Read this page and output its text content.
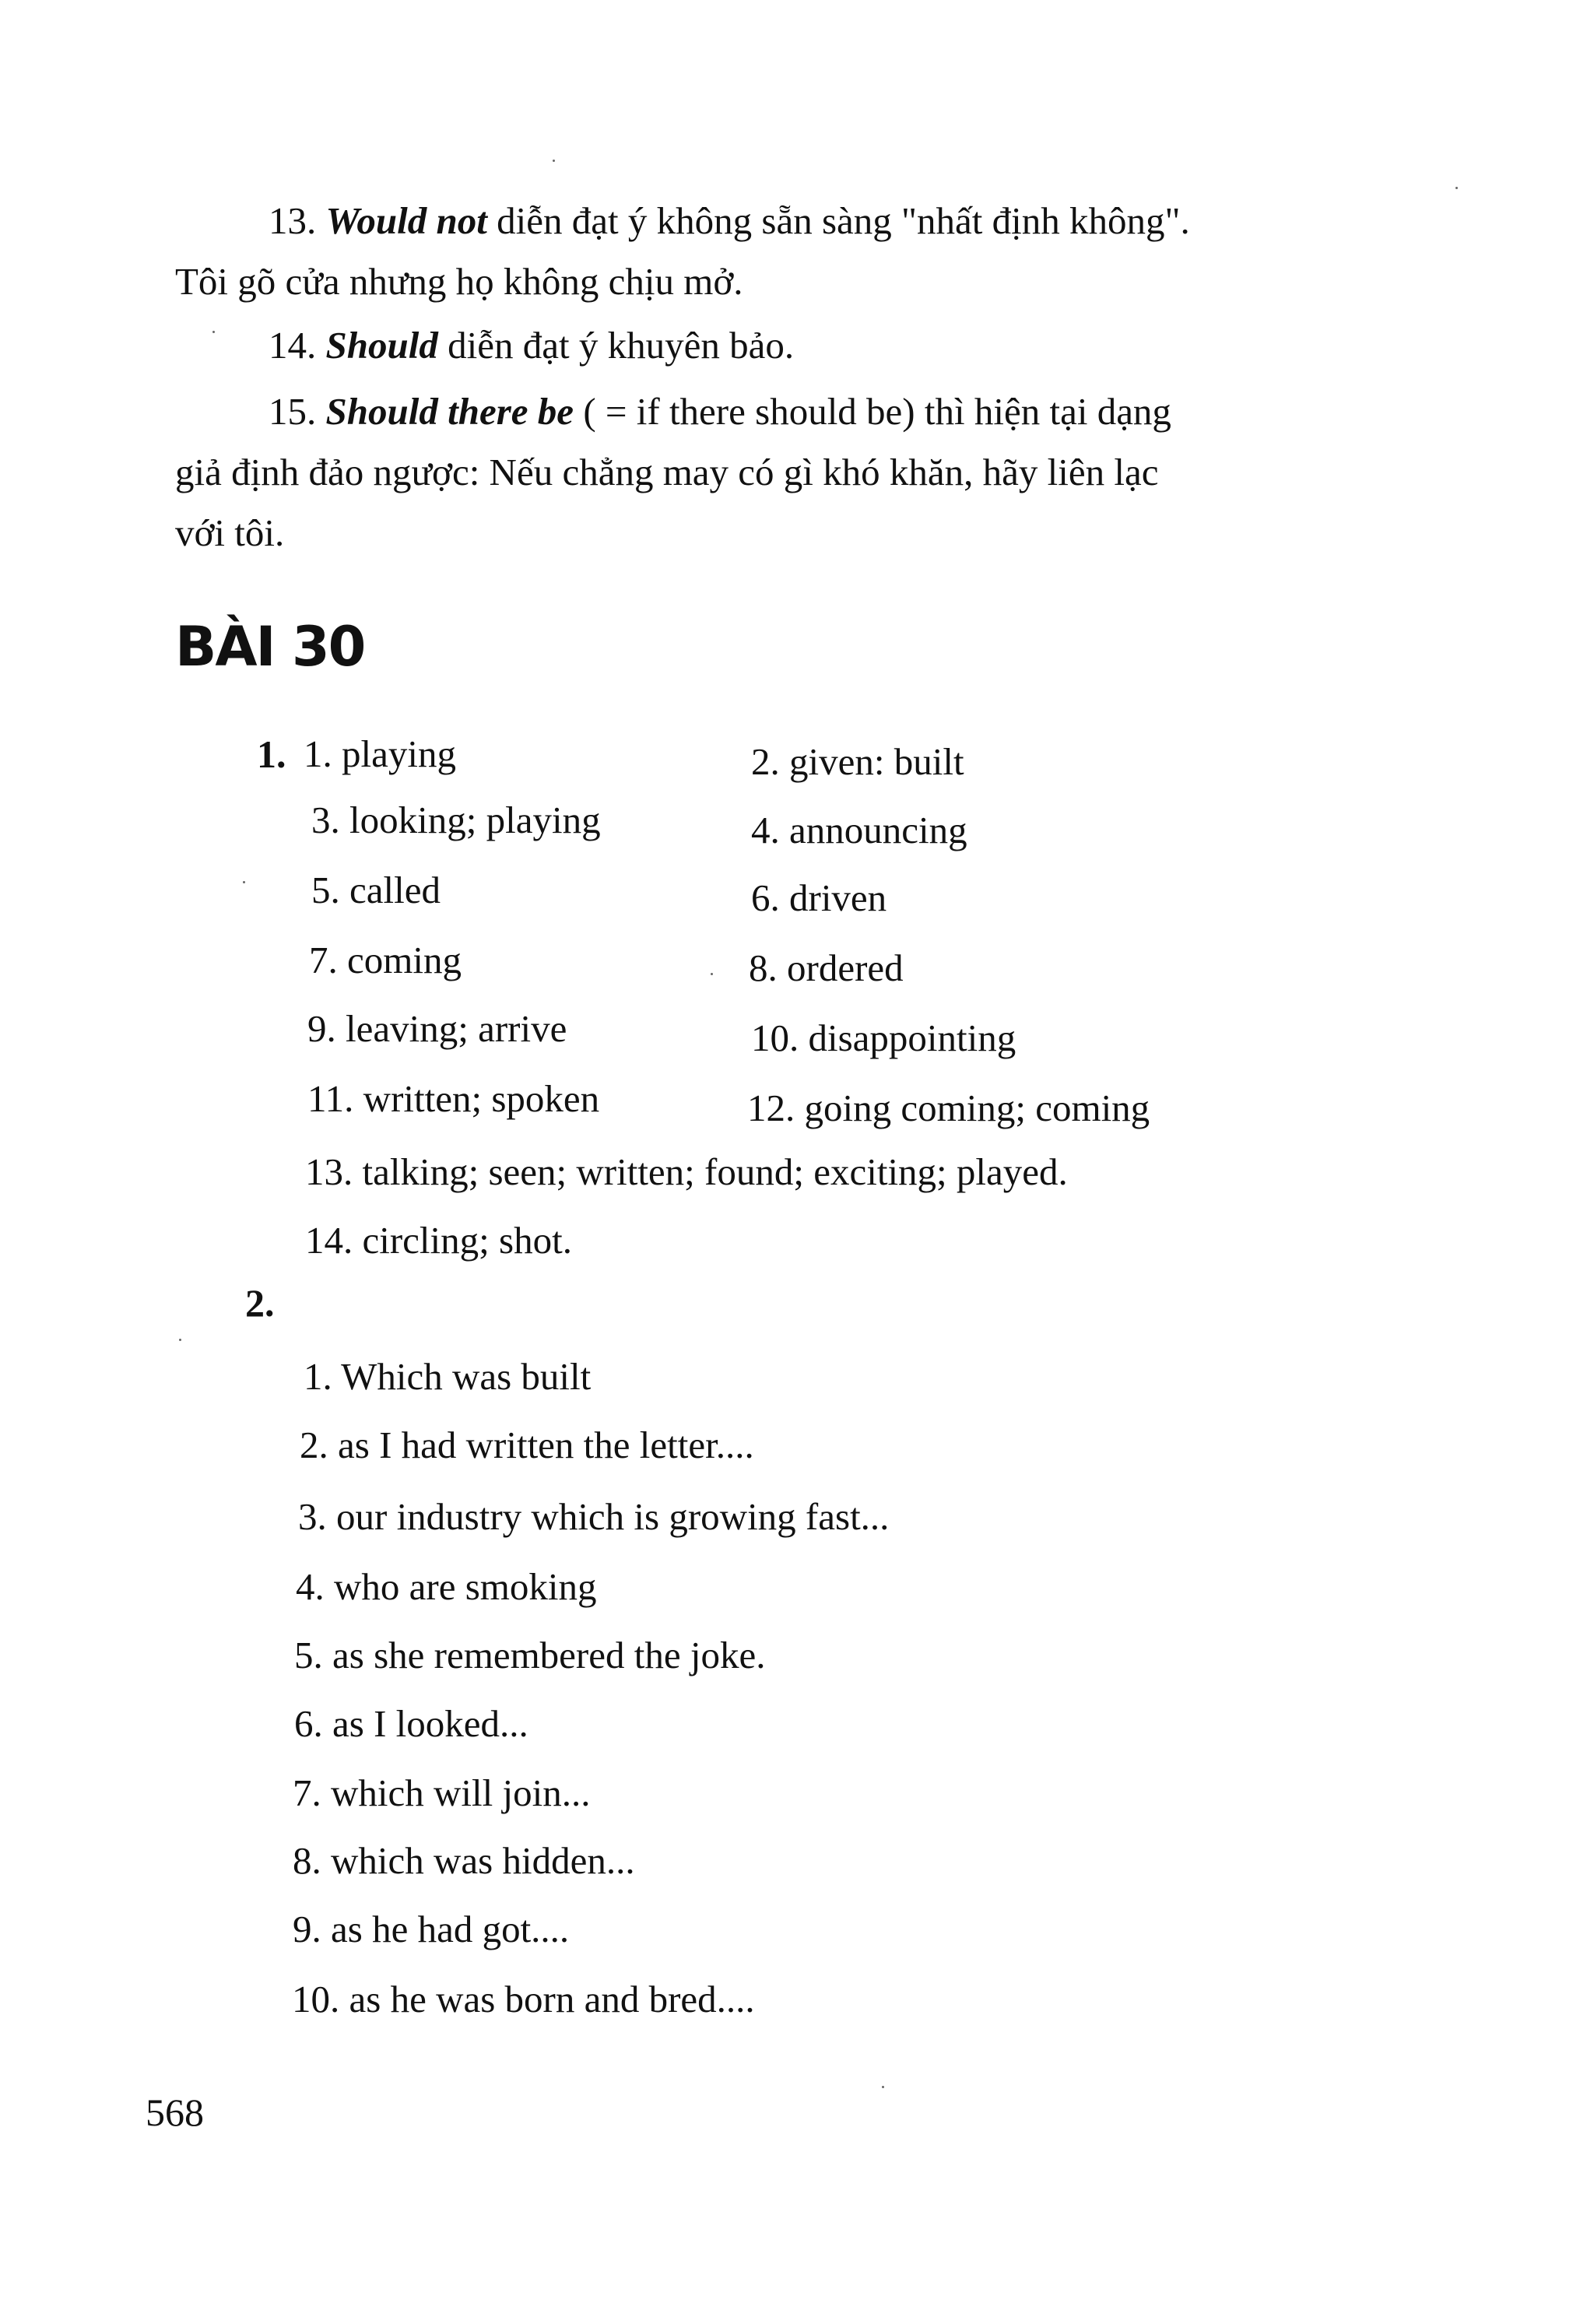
13. Would not diễn đạt ý không sẵn sàng "nhất định không".

Tôi gõ cửa nhưng họ không chịu mở.

14. Should diễn đạt ý khuyên bảo.

15. Should there be ( = if there should be) thì hiện tại dạng

giả định đảo ngược: Nếu chẳng may có gì khó khăn, hãy liên lạc

với tôi.

BÀI 30

1. 1. playing	2. given: built

3. looking; playing	4. announcing

5. called	6. driven

7. coming	8. ordered

9. leaving; arrive	10. disappointing

11. written; spoken	12. going coming; coming

13. talking; seen; written; found; exciting; played.

14. circling; shot.

2.

1. Which was built

2. as I had written the letter....

3. our industry which is growing fast...

4. who are smoking

5. as she remembered the joke.

6. as I looked...

7. which will join...

8. which was hidden...

9. as he had got....

10. as he was born and bred....

568
